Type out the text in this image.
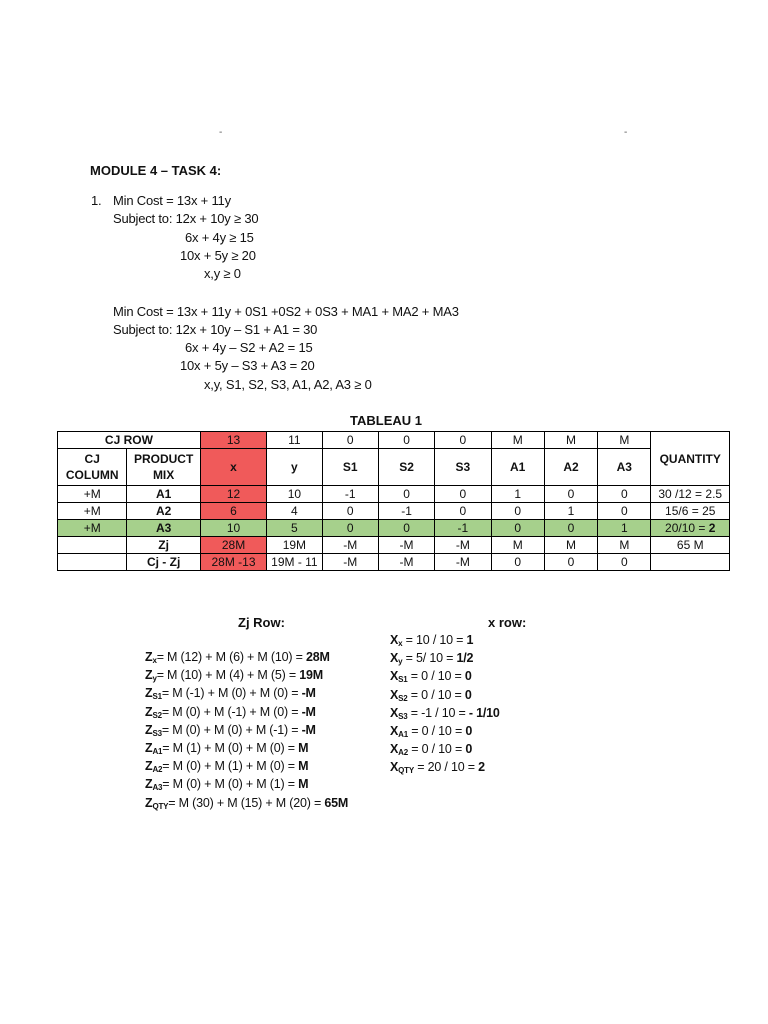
-	-
MODULE 4 – TASK 4:
1. Min Cost = 13x + 11y
Subject to: 12x + 10y ≥ 30
6x + 4y ≥ 15
10x + 5y ≥ 20
x,y ≥ 0
Min Cost = 13x + 11y + 0S1 +0S2 + 0S3 + MA1 + MA2 + MA3
Subject to: 12x + 10y – S1 + A1 = 30
6x + 4y – S2 + A2 = 15
10x + 5y – S3 + A3 = 20
x,y, S1, S2, S3, A1, A2, A3 ≥ 0
TABLEAU 1
CJ ROW		13	11	0	0	0	M	M	M	QUANTITY
CJ COLUMN	PRODUCT MIX	x	y	S1	S2	S3	A1	A2	A3	
+M	A1	12	10	-1	0	0	1	0	0	30 /12 = 2.5
+M	A2	6	4	0	-1	0	0	1	0	15/6 = 25
+M	A3	10	5	0	0	-1	0	0	1	20/10 = 2
	Zj	28M	19M	-M	-M	-M	M	M	M	65 M
	Cj - Zj	28M -13	19M - 11	-M	-M	-M	0	0	0	
Zj Row:	x row:
$Z_x= M$ (12) + M (6) + M (10) = 28M
$Z_y= M$ (10) + M (4) + M (5) = 19M
$Z_{S1}= M$ (-1) + M (0) + M (0) = -M
$Z_{S2}= M$ (0) + M (-1) + M (0) = -M
$Z_{S3}= M$ (0) + M (0) + M (-1) = -M
$Z_{A1}= M$ (1) + M (0) + M (0) = M
$Z_{A2}= M$ (0) + M (1) + M (0) = M
$Z_{A3}= M$ (0) + M (0) + M (1) = M
$Z_{QTY}= M$ (30) + M (15) + M (20) = 65M
$X_x = 10 / 10 = 1$
$X_y = 5/$ 10 = 1/2
$X_{S1} = 0 / 10 = 0$
$X_{S2} = 0 / 10 = 0$
$X_{S3} = -1 / 10$ = - 1/10
$X_{A1} = 0 / 10 = 0$
$X_{A2} = 0 / 10 = 0$
$X_{QTY} = 20 / 10 = 2$
